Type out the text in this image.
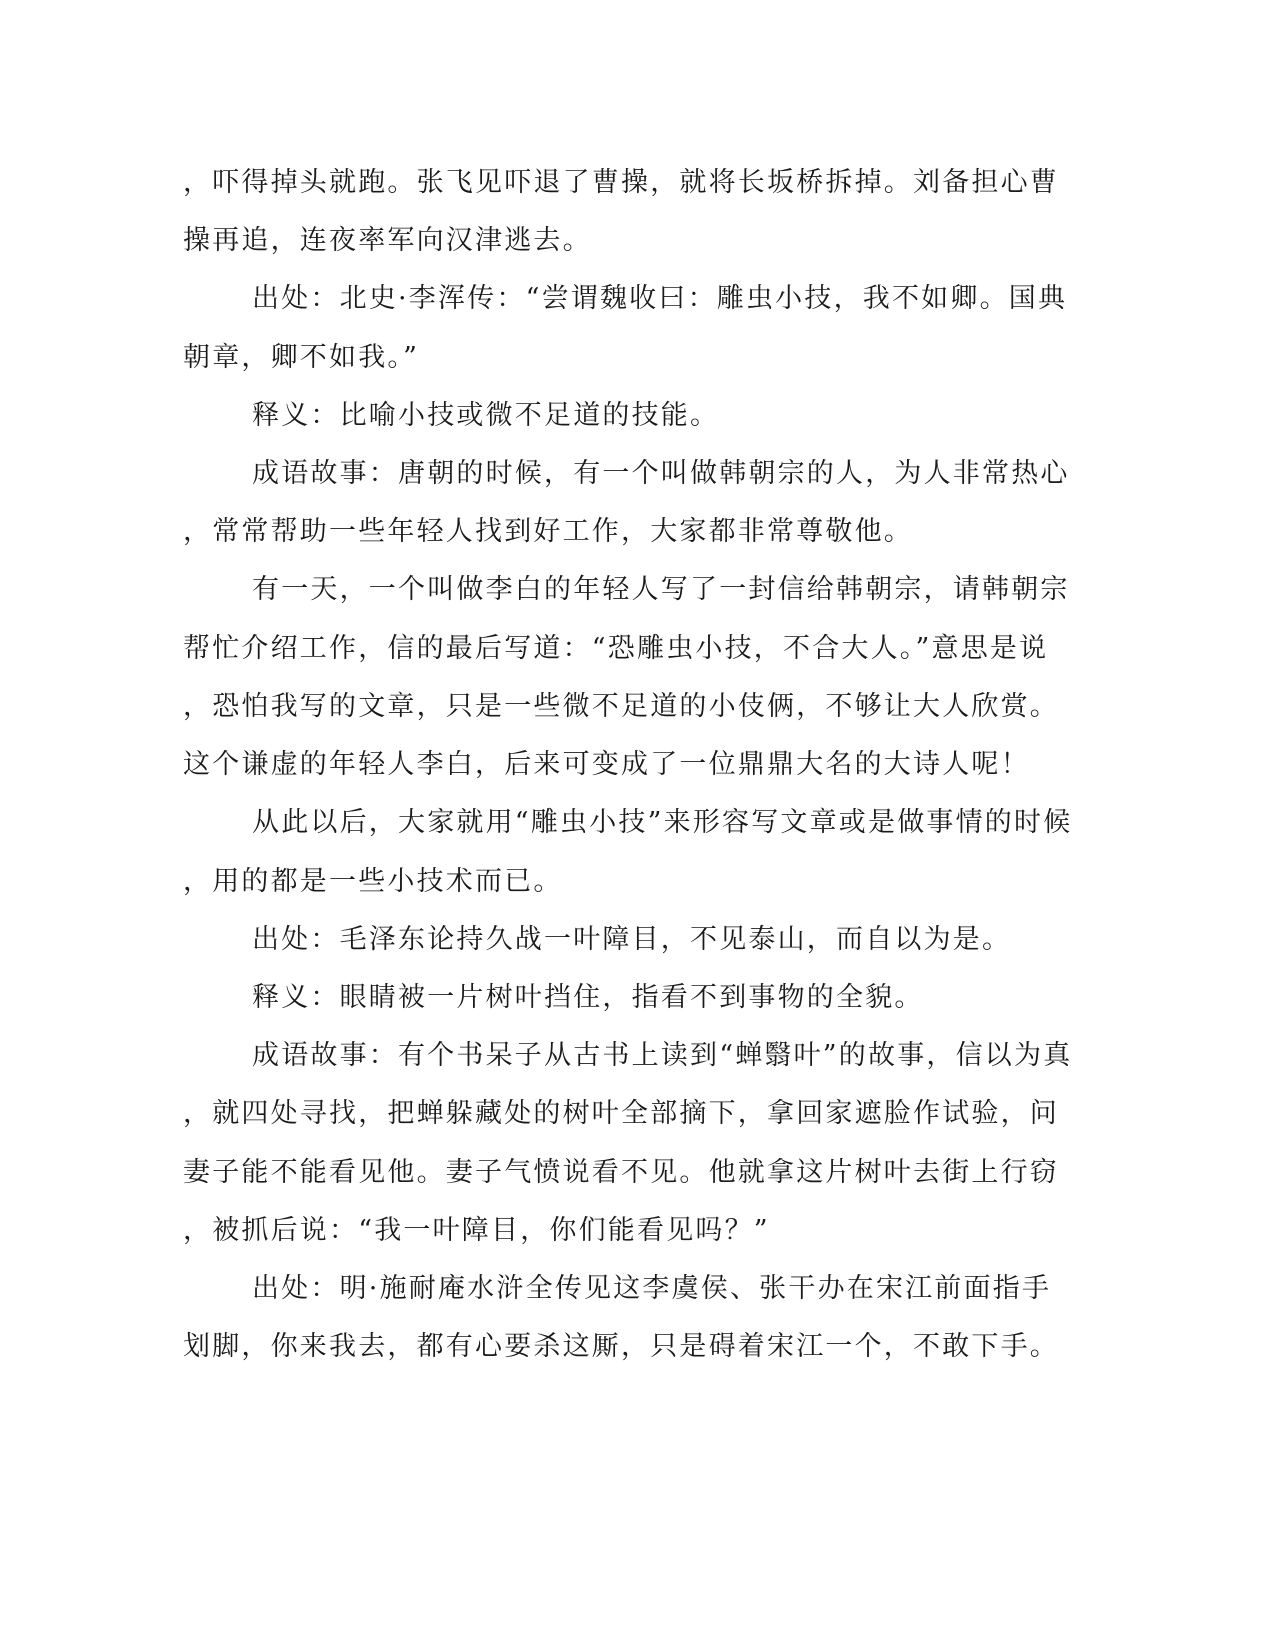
，吓得掉头就跑。张飞见吓退了曹操，就将长坂桥拆掉。刘备担心曹
操再追，连夜率军向汉津逃去。
出处：北史·李浑传：“尝谓魏收曰：雕虫小技，我不如卿。国典
朝章，卿不如我。”
释义：比喻小技或微不足道的技能。
成语故事：唐朝的时候，有一个叫做韩朝宗的人，为人非常热心
，常常帮助一些年轻人找到好工作，大家都非常尊敬他。
有一天，一个叫做李白的年轻人写了一封信给韩朝宗，请韩朝宗
帮忙介绍工作，信的最后写道：“恐雕虫小技，不合大人。”意思是说
，恐怕我写的文章，只是一些微不足道的小伎俩，不够让大人欣赏。
这个谦虚的年轻人李白，后来可变成了一位鼎鼎大名的大诗人呢！
从此以后，大家就用“雕虫小技”来形容写文章或是做事情的时候
，用的都是一些小技术而已。
出处：毛泽东论持久战一叶障目，不见泰山，而自以为是。
释义：眼睛被一片树叶挡住，指看不到事物的全貌。
成语故事：有个书呆子从古书上读到“蝉翳叶”的故事，信以为真
，就四处寻找，把蝉躲藏处的树叶全部摘下，拿回家遮脸作试验，问
妻子能不能看见他。妻子气愤说看不见。他就拿这片树叶去街上行窃
，被抓后说：“我一叶障目，你们能看见吗？”
出处：明·施耐庵水浒全传见这李虞侯、张干办在宋江前面指手
划脚，你来我去，都有心要杀这厮，只是碍着宋江一个，不敢下手。
